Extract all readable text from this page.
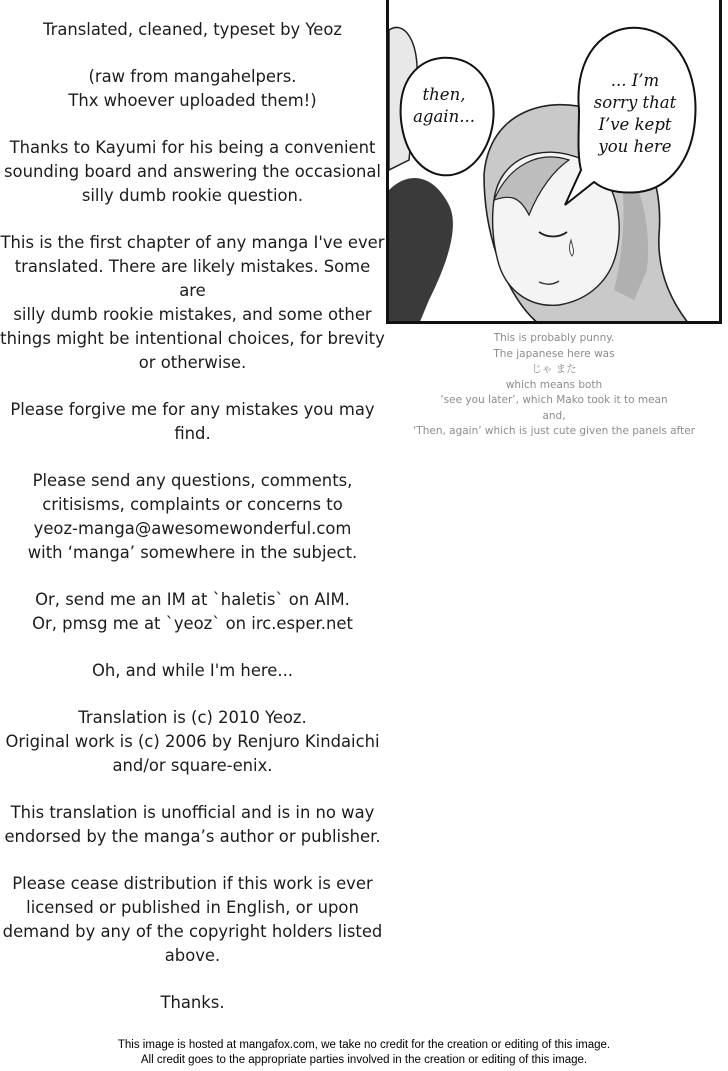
Translated, cleaned, typeset by Yeoz

(raw from mangahelpers.
Thx whoever uploaded them!)

Thanks to Kayumi for his being a convenient
sounding board and answering the occasional
silly dumb rookie question.

This is the first chapter of any manga I've ever
translated. There are likely mistakes. Some are
silly dumb rookie mistakes, and some other
things might be intentional choices, for brevity
or otherwise.

Please forgive me for any mistakes you may
find.

Please send any questions, comments,
critisisms, complaints or concerns to
yeoz-manga@awesomewonderful.com
with ‘manga’ somewhere in the subject.

Or, send me an IM at `haletis` on AIM.
Or, pmsg me at `yeoz` on irc.esper.net

Oh, and while I'm here...

Translation is (c) 2010 Yeoz.
Original work is (c) 2006 by Renjuro Kindaichi
and/or square-enix.

This translation is unofficial and is in no way
endorsed by the manga’s author or publisher.

Please cease distribution if this work is ever
licensed or published in English, or upon
demand by any of the copyright holders listed
above.

Thanks.

then,
again...
... I’m
sorry that
I’ve kept
you here
This is probably punny.
The japanese here was
じゃ また
which means both
‘see you later’, which Mako took it to mean
and,
‘Then, again’ which is just cute given the panels after
This image is hosted at mangafox.com, we take no credit for the creation or editing of this image.
All credit goes to the appropriate parties involved in the creation or editing of this image.
